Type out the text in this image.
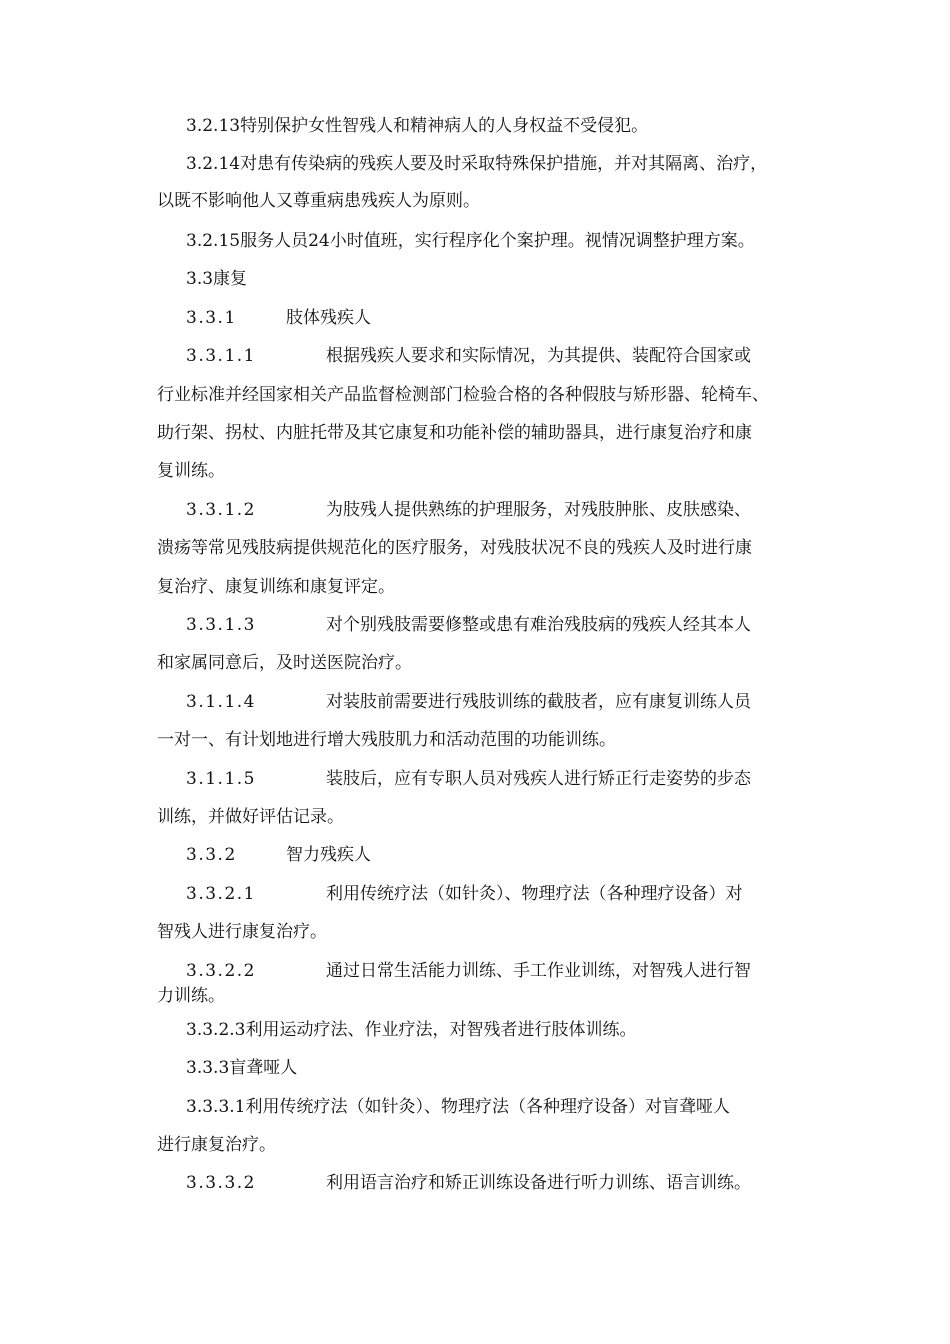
3.2.13特别保护女性智残人和精神病人的人身权益不受侵犯。
3.2.14对患有传染病的残疾人要及时采取特殊保护措施，并对其隔离、治疗，
以既不影响他人又尊重病患残疾人为原则。
3.2.15服务人员24小时值班，实行程序化个案护理。视情况调整护理方案。
3.3康复
3.3.1	肢体残疾人
3.3.1.1	根据残疾人要求和实际情况，为其提供、装配符合国家或
行业标准并经国家相关产品监督检测部门检验合格的各种假肢与矫形器、轮椅车、
助行架、拐杖、内脏托带及其它康复和功能补偿的辅助器具，进行康复治疗和康
复训练。
3.3.1.2	为肢残人提供熟练的护理服务，对残肢肿胀、皮肤感染、
溃疡等常见残肢病提供规范化的医疗服务，对残肢状况不良的残疾人及时进行康
复治疗、康复训练和康复评定。
3.3.1.3	对个别残肢需要修整或患有难治残肢病的残疾人经其本人
和家属同意后，及时送医院治疗。
3.1.1.4	对装肢前需要进行残肢训练的截肢者，应有康复训练人员
一对一、有计划地进行增大残肢肌力和活动范围的功能训练。
3.1.1.5	装肢后，应有专职人员对残疾人进行矫正行走姿势的步态
训练，并做好评估记录。
3.3.2	智力残疾人
3.3.2.1	利用传统疗法（如针灸）、物理疗法（各种理疗设备）对
智残人进行康复治疗。
3.3.2.2	通过日常生活能力训练、手工作业训练，对智残人进行智
力训练。
3.3.2.3利用运动疗法、作业疗法，对智残者进行肢体训练。
3.3.3盲聋哑人
3.3.3.1利用传统疗法（如针灸）、物理疗法（各种理疗设备）对盲聋哑人
进行康复治疗。
3.3.3.2	利用语言治疗和矫正训练设备进行听力训练、语言训练。
